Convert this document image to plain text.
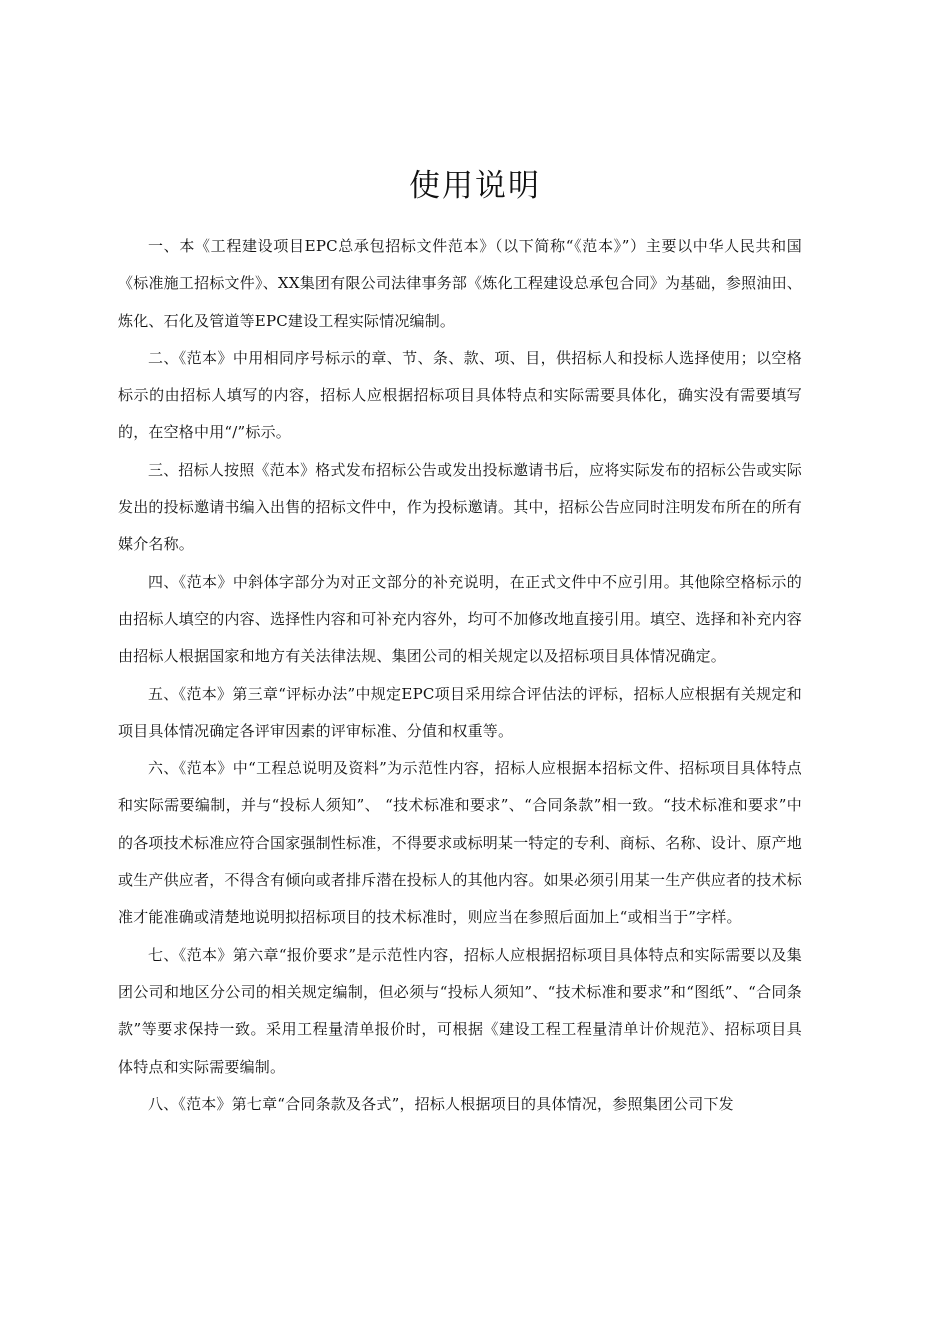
使用说明

一、本《工程建设项目EPC总承包招标文件范本》（以下简称“《范本》”）主要以中华人民共和国《标准施工招标文件》、XX集团有限公司法律事务部《炼化工程建设总承包合同》为基础，参照油田、炼化、石化及管道等EPC建设工程实际情况编制。

二、《范本》中用相同序号标示的章、节、条、款、项、目，供招标人和投标人选择使用；以空格标示的由招标人填写的内容，招标人应根据招标项目具体特点和实际需要具体化，确实没有需要填写的，在空格中用“/”标示。

三、招标人按照《范本》格式发布招标公告或发出投标邀请书后，应将实际发布的招标公告或实际发出的投标邀请书编入出售的招标文件中，作为投标邀请。其中，招标公告应同时注明发布所在的所有媒介名称。

四、《范本》中斜体字部分为对正文部分的补充说明，在正式文件中不应引用。其他除空格标示的由招标人填空的内容、选择性内容和可补充内容外，均可不加修改地直接引用。填空、选择和补充内容由招标人根据国家和地方有关法律法规、集团公司的相关规定以及招标项目具体情况确定。

五、《范本》第三章“评标办法”中规定EPC项目采用综合评估法的评标，招标人应根据有关规定和项目具体情况确定各评审因素的评审标准、分值和权重等。

六、《范本》中“工程总说明及资料”为示范性内容，招标人应根据本招标文件、招标项目具体特点和实际需要编制，并与“投标人须知”、 “技术标准和要求”、“合同条款”相一致。“技术标准和要求”中的各项技术标准应符合国家强制性标准，不得要求或标明某一特定的专利、商标、名称、设计、原产地或生产供应者，不得含有倾向或者排斥潜在投标人的其他内容。如果必须引用某一生产供应者的技术标准才能准确或清楚地说明拟招标项目的技术标准时，则应当在参照后面加上“或相当于”字样。

七、《范本》第六章“报价要求”是示范性内容，招标人应根据招标项目具体特点和实际需要以及集团公司和地区分公司的相关规定编制，但必须与“投标人须知”、“技术标准和要求”和“图纸”、“合同条款”等要求保持一致。采用工程量清单报价时，可根据《建设工程工程量清单计价规范》、招标项目具体特点和实际需要编制。

八、《范本》第七章“合同条款及各式”，招标人根据项目的具体情况，参照集团公司下发
